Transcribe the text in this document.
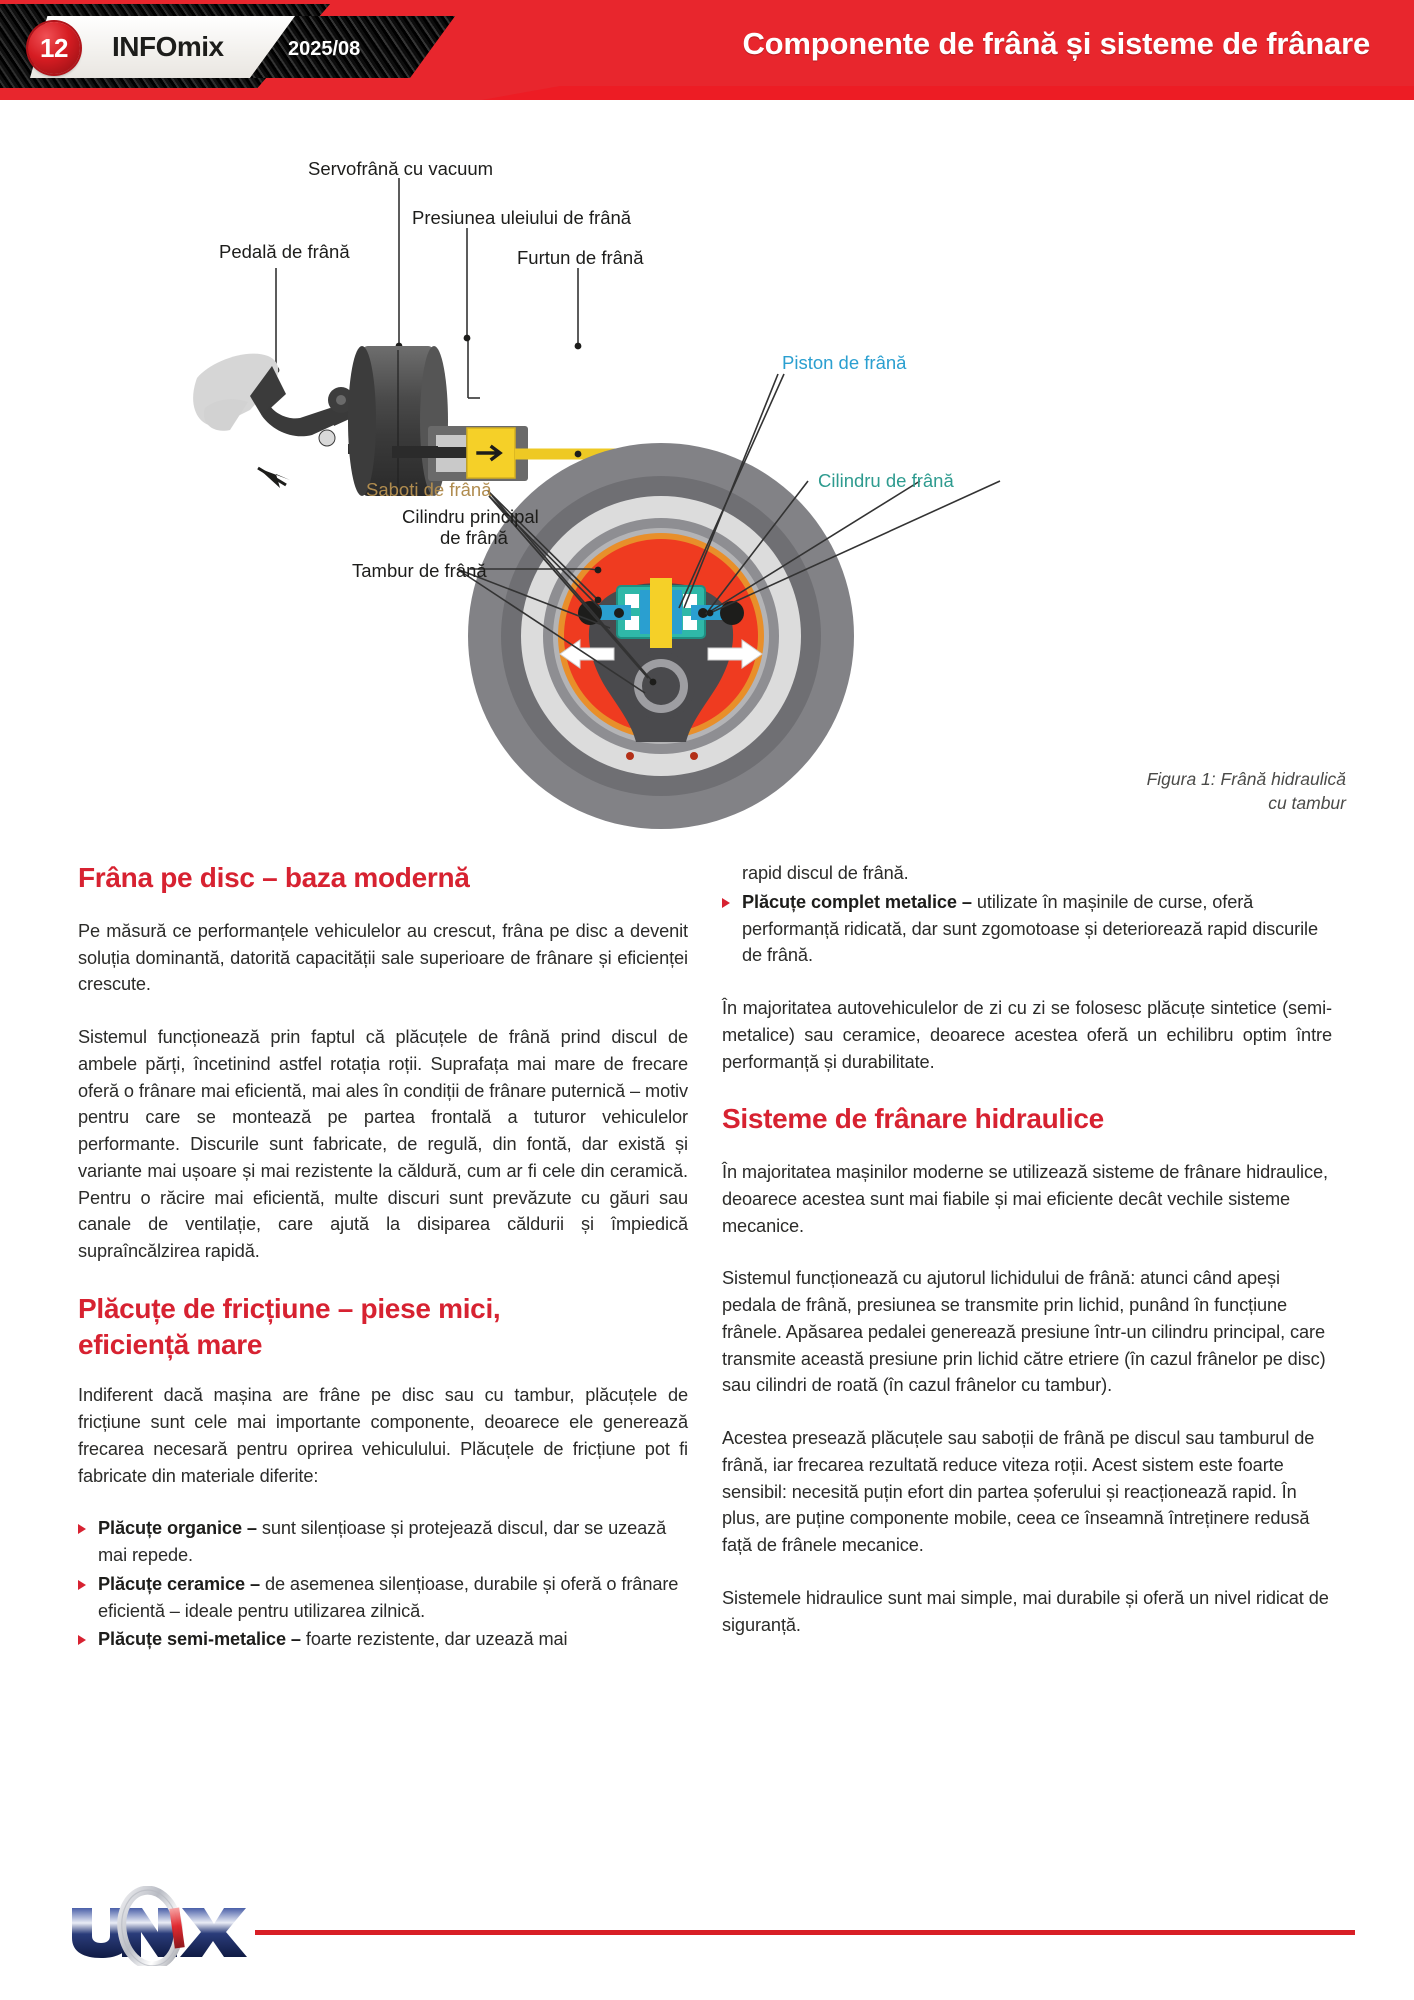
12	INFOmix	2025/08	Componente de frână și sisteme de frânare
Servofrână cu vacuum
Presiunea uleiului de frână
Pedală de frână	Furtun de frână
Cilindru principal
de frână
Piston de frână
Saboti de frână	Cilindru de frână
Tambur de frână
Figura 1: Frână hidraulică
cu tambur
Frâna pe disc – baza modernă

Pe măsură ce performanțele vehiculelor au crescut, frâna pe disc a devenit soluția dominantă, datorită capacității sale superioare de frânare și eficienței crescute.

Sistemul funcționează prin faptul că plăcuțele de frână prind discul de ambele părți, încetinind astfel rotația roții. Suprafața mai mare de frecare oferă o frânare mai eficientă, mai ales în condiții de frânare puternică – motiv pentru care se montează pe partea frontală a tuturor vehiculelor performante. Discurile sunt fabricate, de regulă, din fontă, dar există și variante mai ușoare și mai rezistente la căldură, cum ar fi cele din ceramică. Pentru o răcire mai eficientă, multe discuri sunt prevăzute cu găuri sau canale de ventilație, care ajută la disiparea căldurii și împiedică supraîncălzirea rapidă.

Plăcuțe de fricțiune – piese mici,
eficiență mare

Indiferent dacă mașina are frâne pe disc sau cu tambur, plăcuțele de fricțiune sunt cele mai importante componente, deoarece ele generează frecarea necesară pentru oprirea vehiculului. Plăcuțele de fricțiune pot fi fabricate din materiale diferite:

Plăcuțe organice – sunt silențioase și protejează discul, dar se uzează mai repede.
Plăcuțe ceramice – de asemenea silențioase, durabile și oferă o frânare eficientă – ideale pentru utilizarea zilnică.
Plăcuțe semi-metalice – foarte rezistente, dar uzează mai
rapid discul de frână.
Plăcuțe complet metalice – utilizate în mașinile de curse, oferă performanță ridicată, dar sunt zgomotoase și deteriorează rapid discurile de frână.

În majoritatea autovehiculelor de zi cu zi se folosesc plăcuțe sintetice (semi-metalice) sau ceramice, deoarece acestea oferă un echilibru optim între performanță și durabilitate.

Sisteme de frânare hidraulice

În majoritatea mașinilor moderne se utilizează sisteme de frânare hidraulice, deoarece acestea sunt mai fiabile și mai eficiente decât vechile sisteme mecanice.

Sistemul funcționează cu ajutorul lichidului de frână: atunci când apeși pedala de frână, presiunea se transmite prin lichid, punând în funcțiune frânele. Apăsarea pedalei generează presiune într-un cilindru principal, care transmite această presiune prin lichid către etriere (în cazul frânelor pe disc) sau cilindri de roată (în cazul frânelor cu tambur).

Acestea presează plăcuțele sau saboții de frână pe discul sau tamburul de frână, iar frecarea rezultată reduce viteza roții. Acest sistem este foarte sensibil: necesită puțin efort din partea șoferului și reacționează rapid. În plus, are puține componente mobile, ceea ce înseamnă întreținere redusă față de frânele mecanice.

Sistemele hidraulice sunt mai simple, mai durabile și oferă un nivel ridicat de siguranță.
